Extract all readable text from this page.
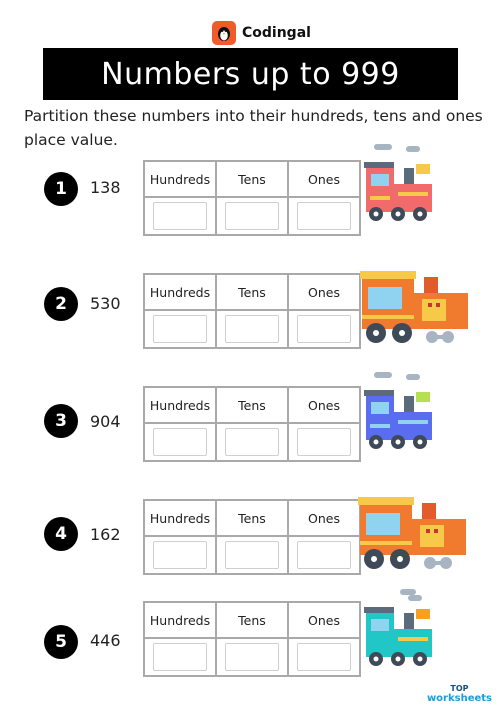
Codingal
Numbers up to 999
Partition these numbers into their hundreds, tens and ones place value.
1	138 Hundreds	Tens	Ones

2	530
Hundreds	Tens	Ones

3	904
Hundreds	Tens	Ones

4	162
Hundreds	Tens	Ones

5	446
Hundreds	Tens	Ones

TOP
worksheets
